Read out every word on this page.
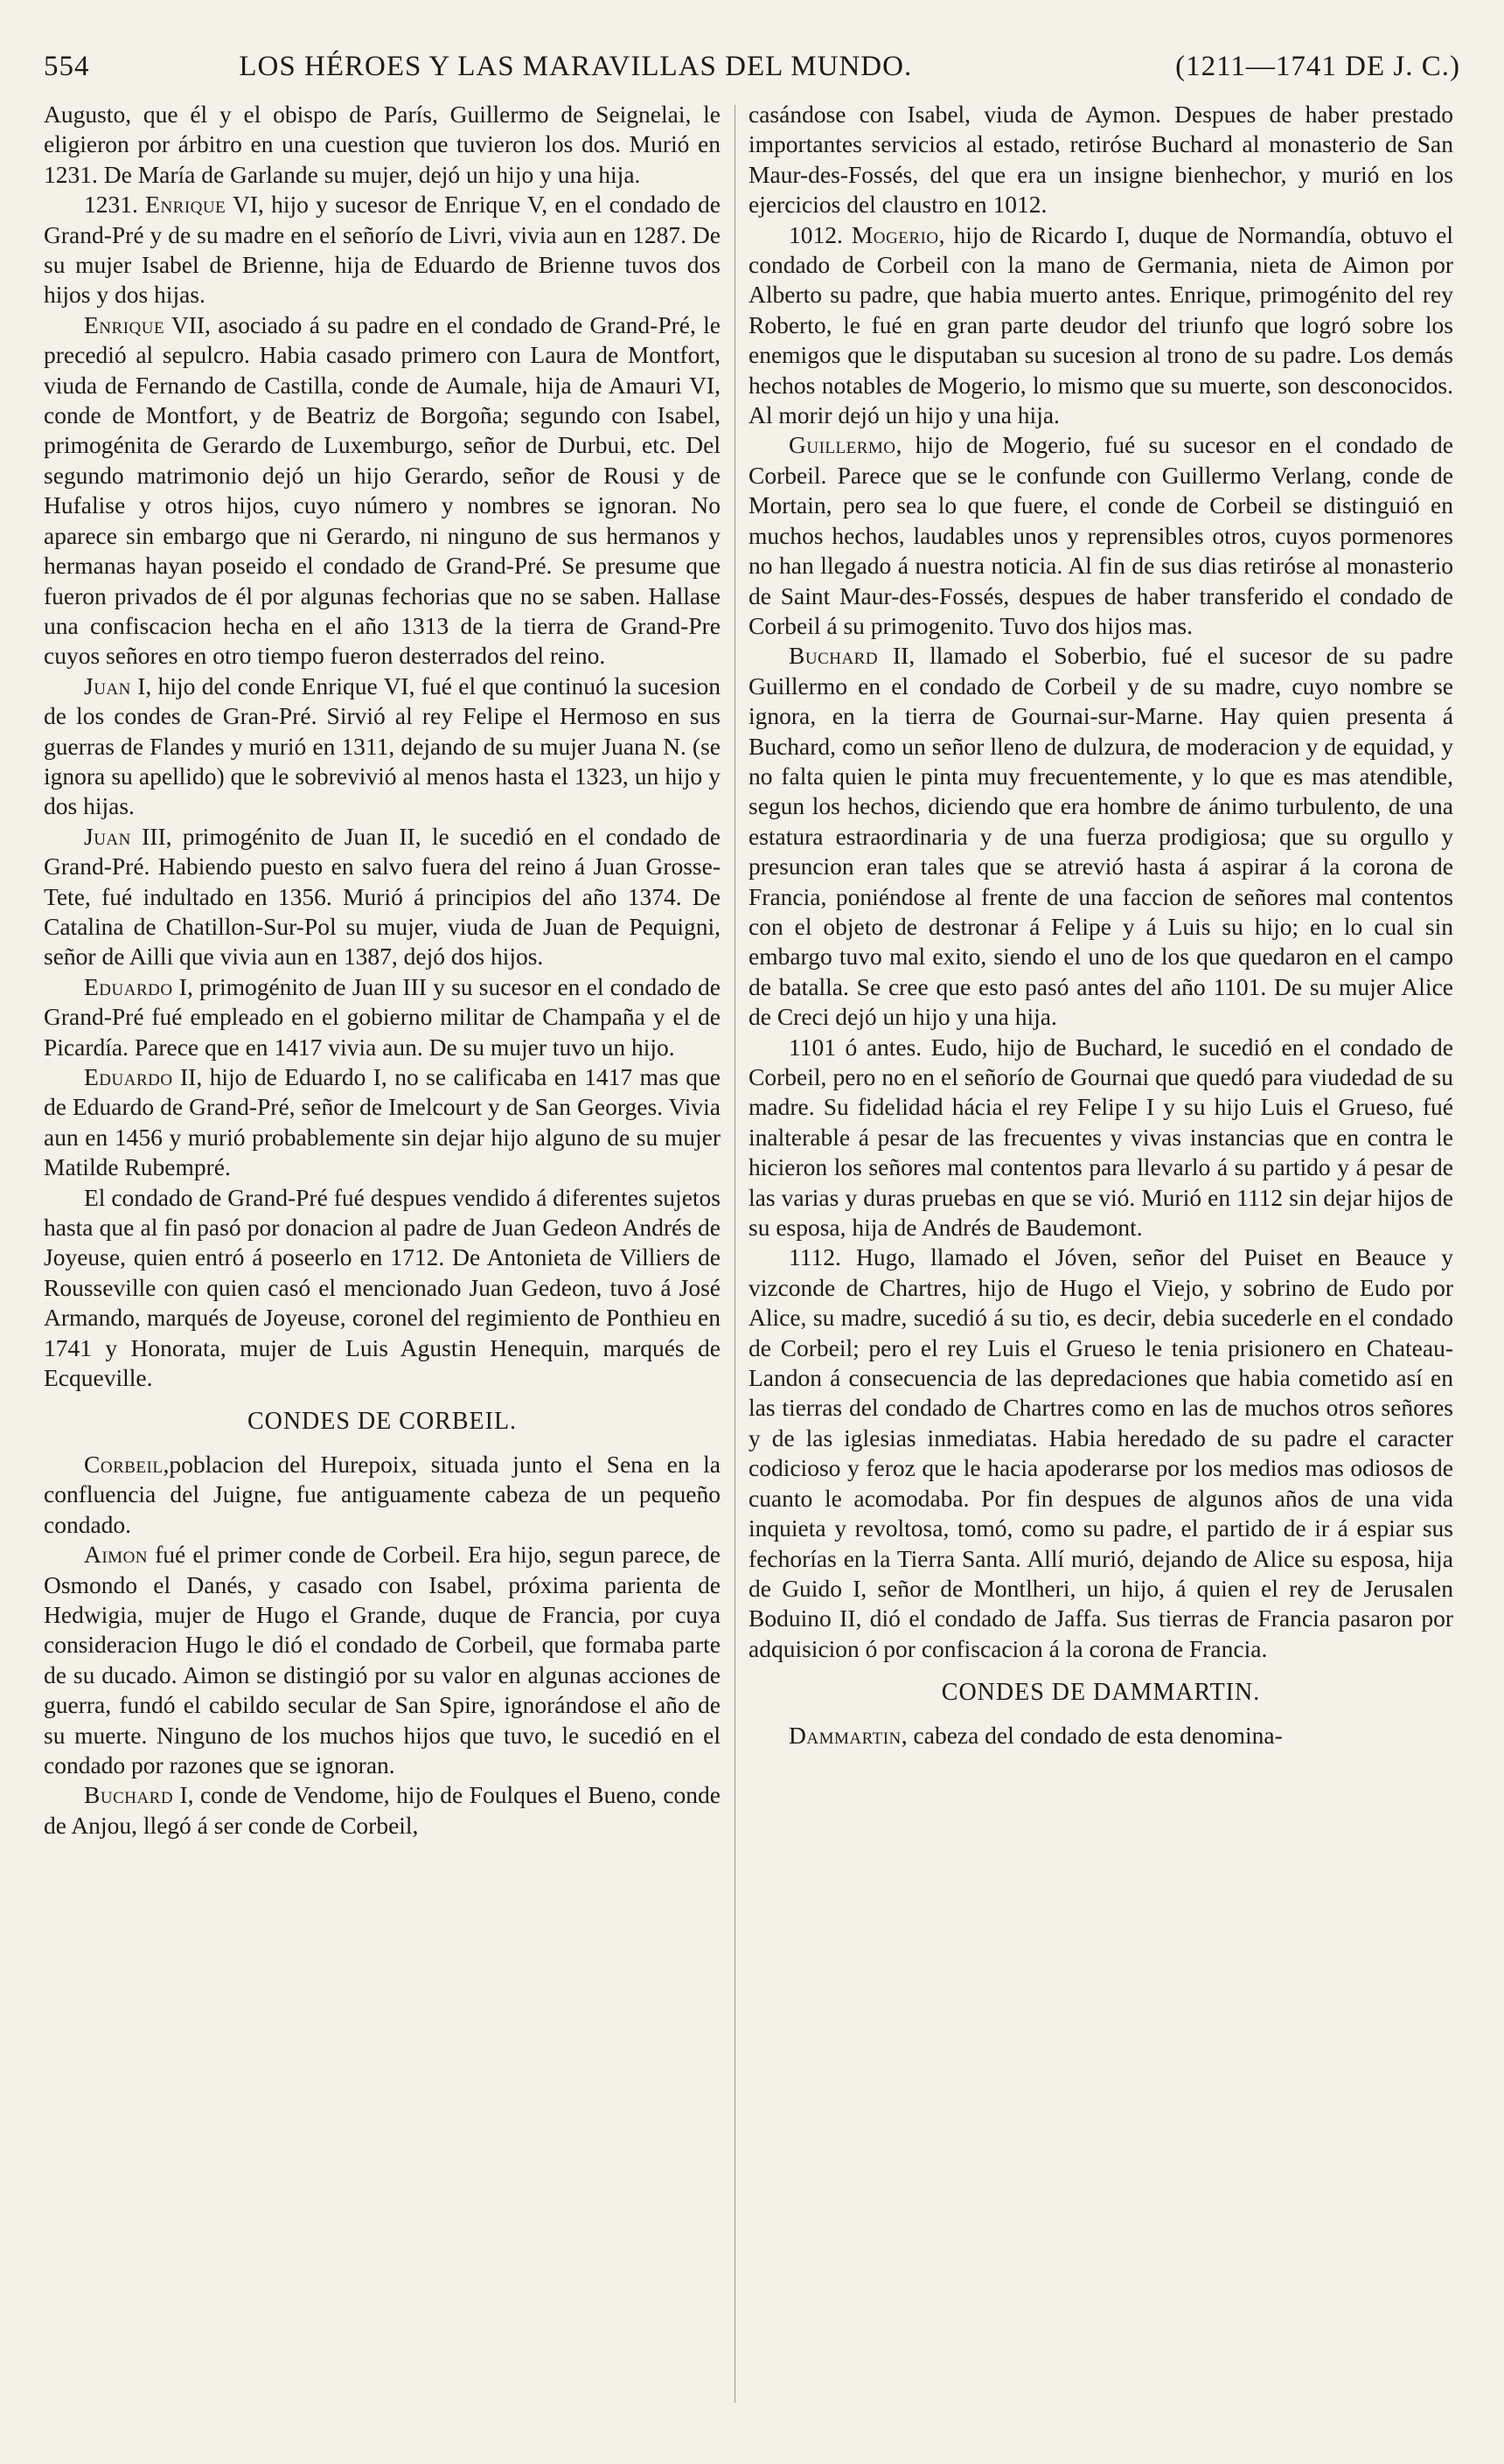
554	LOS HÉROES Y LAS MARAVILLAS DEL MUNDO.	(1211—1741 DE J. C.)

Augusto, que él y el obispo de París, Guillermo de Seignelai, le eligieron por árbitro en una cuestion que tuvieron los dos. Murió en 1231. De María de Garlande su mujer, dejó un hijo y una hija.

1231. Enrique VI, hijo y sucesor de Enrique V, en el condado de Grand-Pré y de su madre en el señorío de Livri, vivia aun en 1287. De su mujer Isabel de Brienne, hija de Eduardo de Brienne tuvos dos hijos y dos hijas.

Enrique VII, asociado á su padre en el condado de Grand-Pré, le precedió al sepulcro. Habia casado primero con Laura de Montfort, viuda de Fernando de Castilla, conde de Aumale, hija de Amauri VI, conde de Montfort, y de Beatriz de Borgoña; segundo con Isabel, primogénita de Gerardo de Luxemburgo, señor de Durbui, etc. Del segundo matrimonio dejó un hijo Gerardo, señor de Rousi y de Hufalise y otros hijos, cuyo número y nombres se ignoran. No aparece sin embargo que ni Gerardo, ni ninguno de sus hermanos y hermanas hayan poseido el condado de Grand-Pré. Se presume que fueron privados de él por algunas fechorias que no se saben. Hallase una confiscacion hecha en el año 1313 de la tierra de Grand-Pre cuyos señores en otro tiempo fueron desterrados del reino.

Juan I, hijo del conde Enrique VI, fué el que continuó la sucesion de los condes de Gran-Pré. Sirvió al rey Felipe el Hermoso en sus guerras de Flandes y murió en 1311, dejando de su mujer Juana N. (se ignora su apellido) que le sobrevivió al menos hasta el 1323, un hijo y dos hijas.

Juan III, primogénito de Juan II, le sucedió en el condado de Grand-Pré. Habiendo puesto en salvo fuera del reino á Juan Grosse-Tete, fué indultado en 1356. Murió á principios del año 1374. De Catalina de Chatillon-Sur-Pol su mujer, viuda de Juan de Pequigni, señor de Ailli que vivia aun en 1387, dejó dos hijos.

Eduardo I, primogénito de Juan III y su sucesor en el condado de Grand-Pré fué empleado en el gobierno militar de Champaña y el de Picardía. Parece que en 1417 vivia aun. De su mujer tuvo un hijo.

Eduardo II, hijo de Eduardo I, no se calificaba en 1417 mas que de Eduardo de Grand-Pré, señor de Imelcourt y de San Georges. Vivia aun en 1456 y murió probablemente sin dejar hijo alguno de su mujer Matilde Rubempré.

El condado de Grand-Pré fué despues vendido á diferentes sujetos hasta que al fin pasó por donacion al padre de Juan Gedeon Andrés de Joyeuse, quien entró á poseerlo en 1712. De Antonieta de Villiers de Rousseville con quien casó el mencionado Juan Gedeon, tuvo á José Armando, marqués de Joyeuse, coronel del regimiento de Ponthieu en 1741 y Honorata, mujer de Luis Agustin Henequin, marqués de Ecqueville.

CONDES DE CORBEIL.

Corbeil,poblacion del Hurepoix, situada junto el Sena en la confluencia del Juigne, fue antiguamente cabeza de un pequeño condado.

Aimon fué el primer conde de Corbeil. Era hijo, segun parece, de Osmondo el Danés, y casado con Isabel, próxima parienta de Hedwigia, mujer de Hugo el Grande, duque de Francia, por cuya consideracion Hugo le dió el condado de Corbeil, que formaba parte de su ducado. Aimon se distingió por su valor en algunas acciones de guerra, fundó el cabildo secular de San Spire, ignorándose el año de su muerte. Ninguno de los muchos hijos que tuvo, le sucedió en el condado por razones que se ignoran.

Buchard I, conde de Vendome, hijo de Foulques el Bueno, conde de Anjou, llegó á ser conde de Corbeil,

casándose con Isabel, viuda de Aymon. Despues de haber prestado importantes servicios al estado, retiróse Buchard al monasterio de San Maur-des-Fossés, del que era un insigne bienhechor, y murió en los ejercicios del claustro en 1012.

1012. Mogerio, hijo de Ricardo I, duque de Normandía, obtuvo el condado de Corbeil con la mano de Germania, nieta de Aimon por Alberto su padre, que habia muerto antes. Enrique, primogénito del rey Roberto, le fué en gran parte deudor del triunfo que logró sobre los enemigos que le disputaban su sucesion al trono de su padre. Los demás hechos notables de Mogerio, lo mismo que su muerte, son desconocidos. Al morir dejó un hijo y una hija.

Guillermo, hijo de Mogerio, fué su sucesor en el condado de Corbeil. Parece que se le confunde con Guillermo Verlang, conde de Mortain, pero sea lo que fuere, el conde de Corbeil se distinguió en muchos hechos, laudables unos y reprensibles otros, cuyos pormenores no han llegado á nuestra noticia. Al fin de sus dias retiróse al monasterio de Saint Maur-des-Fossés, despues de haber transferido el condado de Corbeil á su primogenito. Tuvo dos hijos mas.

Buchard II, llamado el Soberbio, fué el sucesor de su padre Guillermo en el condado de Corbeil y de su madre, cuyo nombre se ignora, en la tierra de Gournai-sur-Marne. Hay quien presenta á Buchard, como un señor lleno de dulzura, de moderacion y de equidad, y no falta quien le pinta muy frecuentemente, y lo que es mas atendible, segun los hechos, diciendo que era hombre de ánimo turbulento, de una estatura estraordinaria y de una fuerza prodigiosa; que su orgullo y presuncion eran tales que se atrevió hasta á aspirar á la corona de Francia, poniéndose al frente de una faccion de señores mal contentos con el objeto de destronar á Felipe y á Luis su hijo; en lo cual sin embargo tuvo mal exito, siendo el uno de los que quedaron en el campo de batalla. Se cree que esto pasó antes del año 1101. De su mujer Alice de Creci dejó un hijo y una hija.

1101 ó antes. Eudo, hijo de Buchard, le sucedió en el condado de Corbeil, pero no en el señorío de Gournai que quedó para viudedad de su madre. Su fidelidad hácia el rey Felipe I y su hijo Luis el Grueso, fué inalterable á pesar de las frecuentes y vivas instancias que en contra le hicieron los señores mal contentos para llevarlo á su partido y á pesar de las varias y duras pruebas en que se vió. Murió en 1112 sin dejar hijos de su esposa, hija de Andrés de Baudemont.

1112. Hugo, llamado el Jóven, señor del Puiset en Beauce y vizconde de Chartres, hijo de Hugo el Viejo, y sobrino de Eudo por Alice, su madre, sucedió á su tio, es decir, debia sucederle en el condado de Corbeil; pero el rey Luis el Grueso le tenia prisionero en Chateau-Landon á consecuencia de las depredaciones que habia cometido así en las tierras del condado de Chartres como en las de muchos otros señores y de las iglesias inmediatas. Habia heredado de su padre el caracter codicioso y feroz que le hacia apoderarse por los medios mas odiosos de cuanto le acomodaba. Por fin despues de algunos años de una vida inquieta y revoltosa, tomó, como su padre, el partido de ir á espiar sus fechorías en la Tierra Santa. Allí murió, dejando de Alice su esposa, hija de Guido I, señor de Montlheri, un hijo, á quien el rey de Jerusalen Boduino II, dió el condado de Jaffa. Sus tierras de Francia pasaron por adquisicion ó por confiscacion á la corona de Francia.

CONDES DE DAMMARTIN.

Dammartin, cabeza del condado de esta denomina-
